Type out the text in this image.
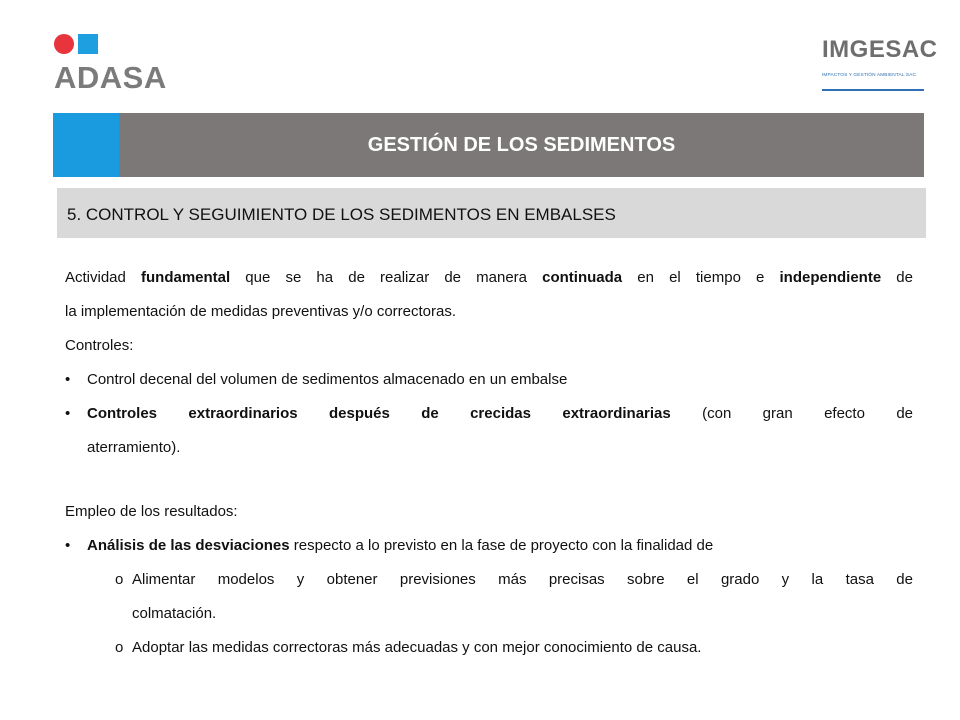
ADASA
IMGESAC
IMPACTOS Y GESTIÓN AMBIENTAL SAC
GESTIÓN DE LOS SEDIMENTOS
5. CONTROL Y SEGUIMIENTO DE LOS SEDIMENTOS EN EMBALSES
Actividad fundamental que se ha de realizar de manera continuada en el tiempo e independiente de
la implementación de medidas preventivas y/o correctoras.
Controles:
• Control decenal del volumen de sedimentos almacenado en un embalse
• Controles extraordinarios después de crecidas extraordinarias (con gran efecto de
aterramiento).
Empleo de los resultados:
• Análisis de las desviaciones respecto a lo previsto en la fase de proyecto con la finalidad de
o Alimentar modelos y obtener previsiones más precisas sobre el grado y la tasa de
colmatación.
o Adoptar las medidas correctoras más adecuadas y con mejor conocimiento de causa.
